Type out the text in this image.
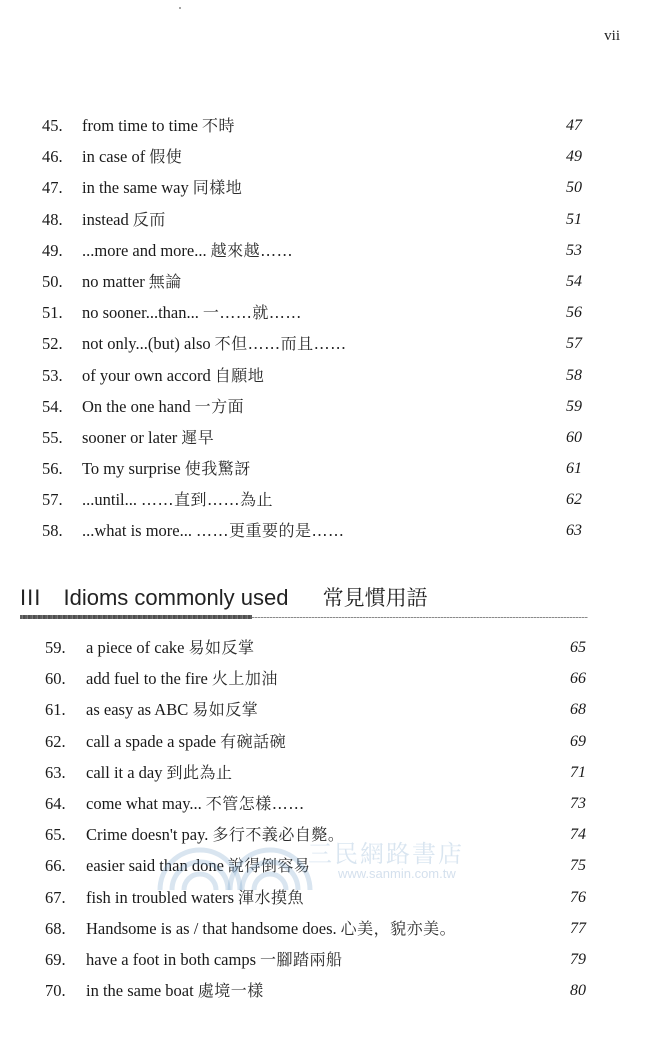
vii
45. from time to time 不時	47
46. in case of 假使	49
47. in the same way 同樣地	50
48. instead 反而	51
49. ...more and more... 越來越……	53
50. no matter 無論	54
51. no sooner...than... 一……就……	56
52. not only...(but) also 不但……而且……	57
53. of your own accord 自願地	58
54. On the one hand 一方面	59
55. sooner or later 遲早	60
56. To my surprise 使我驚訝	61
57. ...until... ……直到……為止	62
58. ...what is more... ……更重要的是……	63
III Idioms commonly used 常見慣用語
59. a piece of cake 易如反掌	65
60. add fuel to the fire 火上加油	66
61. as easy as ABC 易如反掌	68
62. call a spade a spade 有碗話碗	69
63. call it a day 到此為止	71
64. come what may... 不管怎樣……	73
65. Crime doesn't pay. 多行不義必自斃。	74
66. easier said than done 說得倒容易	75
67. fish in troubled waters 渾水摸魚	76
68. Handsome is as / that handsome does. 心美，貌亦美。	77
69. have a foot in both camps 一腳踏兩船	79
70. in the same boat 處境一樣	80
三民網路書店
www.sanmin.com.tw
